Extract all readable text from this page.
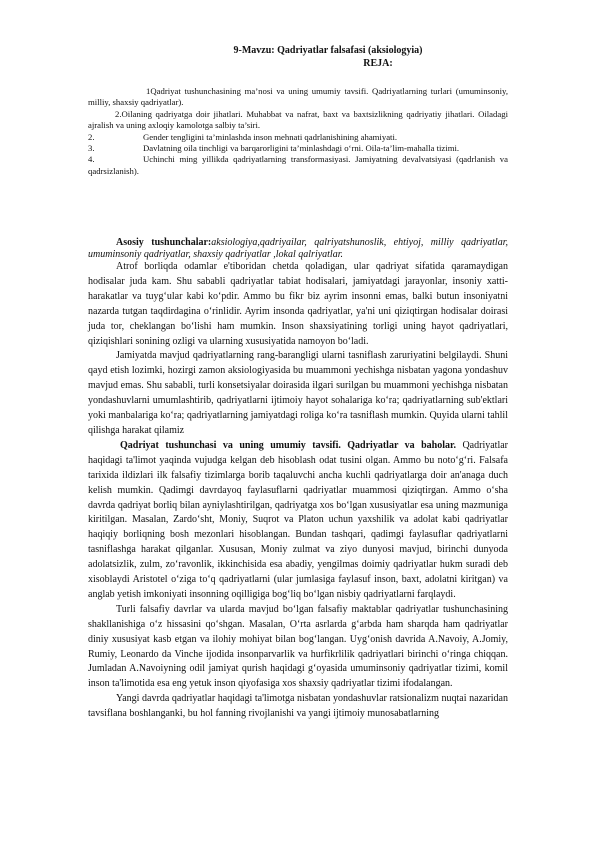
9-Mavzu: Qadriyatlar falsafasi (aksiologyia)
REJA:

1Qadriyat tushunchasining ma’nosi va uning umumiy tavsifi. Qadriyatlarning turlari (umuminsoniy, milliy, shaxsiy qadriyatlar).

2.Oilaning qadriyatga doir jihatlari. Muhabbat va nafrat, baxt va baxtsizlikning qadriyatiy jihatlari. Oiladagi ajralish va uning axloqiy kamolotga salbiy ta’siri.

2.	Gender tengligini ta’minlashda inson mehnati qadrlanishining ahamiyati.

3.	Davlatning oila tinchligi va barqarorligini ta’minlashdagi o‘rni. Oila-ta’lim-mahalla tizimi.

4.	Uchinchi ming yillikda qadriyatlarning transformasiyasi. Jamiyatning devalvatsiyasi (qadrlanish va qadrsizlanish).

Asosiy tushunchalar:aksiologiya,qadriyailar, qalriyatshunoslik, ehtiyoj, milliy qadriyatlar, umuminsoniy qadriyatlar, shaxsiy qadriyatlar ,lokal qalriyatlar.

Atrof borliqda odamlar e'tiboridan chetda qoladigan, ular qadriyat sifatida qaramaydigan hodisalar juda kam. Shu sababli qadriyatlar tabiat hodisalari, jamiyatdagi jarayonlar, insoniy xatti-harakatlar va tuyg‘ular kabi ko‘pdir. Ammo bu fikr biz ayrim insonni emas, balki butun insoniyatni nazarda tutgan taqdirdagina o‘rinlidir. Ayrim insonda qadriyatlar, ya'ni uni qiziqtirgan hodisalar doirasi juda tor, cheklangan bo‘lishi ham mumkin. Inson shaxsiyatining torligi uning hayot qadriyatlari, qiziqishlari sonining ozligi va ularning xususiyatida namoyon bo‘ladi.

Jamiyatda mavjud qadriyatlarning rang-barangligi ularni tasniflash zaruriyatini belgilaydi. Shuni qayd etish lozimki, hozirgi zamon aksiologiyasida bu muammoni yechishga nisbatan yagona yondashuv mavjud emas. Shu sababli, turli konsetsiyalar doirasida ilgari surilgan bu muammoni yechishga nisbatan yondashuvlarni umumlashtirib, qadriyatlarni ijtimoiy hayot sohalariga ko‘ra; qadriyatlarning sub'ektlari yoki manbalariga ko‘ra; qadriyatlarning jamiyatdagi roliga ko‘ra tasniflash mumkin. Quyida ularni tahlil qilishga harakat qilamiz

Qadriyat tushunchasi va uning umumiy tavsifi. Qadriyatlar va baholar. Qadriyatlar haqidagi ta'limot yaqinda vujudga kelgan deb hisoblash odat tusini olgan. Ammo bu noto‘g‘ri. Falsafa tarixida ildizlari ilk falsafiy tizimlarga borib taqaluvchi ancha kuchli qadriyatlarga doir an'anaga duch kelish mumkin. Qadimgi davrdayoq faylasuflarni qadriyatlar muammosi qiziqtirgan. Ammo o‘sha davrda qadriyat borliq bilan ayniylashtirilgan, qadriyatga xos bo‘lgan xususiyatlar esa uning mazmuniga kiritilgan. Masalan, Zardo‘sht, Moniy, Suqrot va Platon uchun yaxshilik va adolat kabi qadriyatlar haqiqiy borliqning bosh mezonlari hisoblangan. Bundan tashqari, qadimgi faylasuflar qadriyatlarni tasniflashga harakat qilganlar. Xususan, Moniy zulmat va ziyo dunyosi mavjud, birinchi dunyoda adolatsizlik, zulm, zo‘ravonlik, ikkinchisida esa abadiy, yengilmas doimiy qadriyatlar hukm suradi deb xisoblaydi Aristotel o‘ziga to‘q qadriyatlarni (ular jumlasiga faylasuf inson, baxt, adolatni kiritgan) va anglab yetish imkoniyati insonning oqilligiga bog‘liq bo‘lgan nisbiy qadriyatlarni farqlaydi.

Turli falsafiy davrlar va ularda mavjud bo‘lgan falsafiy maktablar qadriyatlar tushunchasining shakllanishiga o‘z hissasini qo‘shgan. Masalan, O‘rta asrlarda g‘arbda ham sharqda ham qadriyatlar diniy xususiyat kasb etgan va ilohiy mohiyat bilan bog‘langan. Uyg‘onish davrida A.Navoiy, A.Jomiy, Rumiy, Leonardo da Vinche ijodida insonparvarlik va hurfikrlilik qadriyatlari birinchi o‘ringa chiqqan. Jumladan A.Navoiyning odil jamiyat qurish haqidagi g‘oyasida umuminsoniy qadriyatlar tizimi, komil inson ta'limotida esa eng yetuk inson qiyofasiga xos shaxsiy qadriyatlar tizimi ifodalangan.

Yangi davrda qadriyatlar haqidagi ta'limotga nisbatan yondashuvlar ratsionalizm nuqtai nazaridan tavsiflana boshlanganki, bu hol fanning rivojlanishi va yangi ijtimoiy munosabatlarning
